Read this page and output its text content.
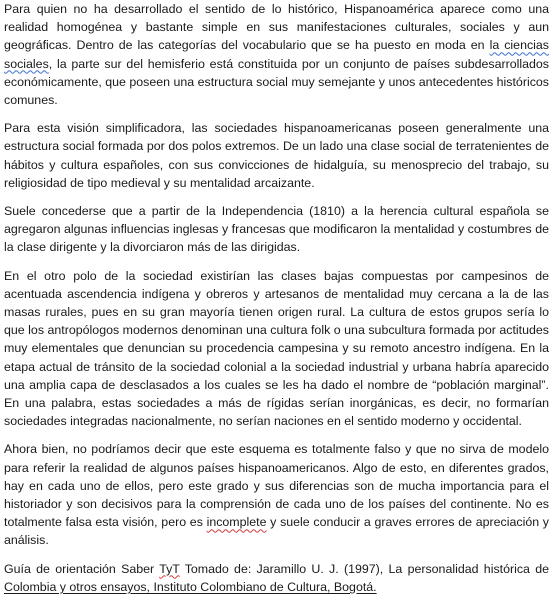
Para quien no ha desarrollado el sentido de lo histórico, Hispanoamérica aparece como una realidad homogénea y bastante simple en sus manifestaciones culturales, sociales y aun geográficas. Dentro de las categorías del vocabulario que se ha puesto en moda en la ciencias sociales, la parte sur del hemisferio está constituida por un conjunto de países subdesarrollados económicamente, que poseen una estructura social muy semejante y unos antecedentes históricos comunes.

Para esta visión simplificadora, las sociedades hispanoamericanas poseen generalmente una estructura social formada por dos polos extremos. De un lado una clase social de terratenientes de hábitos y cultura españoles, con sus convicciones de hidalguía, su menosprecio del trabajo, su religiosidad de tipo medieval y su mentalidad arcaizante.

Suele concederse que a partir de la Independencia (1810) a la herencia cultural española se agregaron algunas influencias inglesas y francesas que modificaron la mentalidad y costumbres de la clase dirigente y la divorciaron más de las dirigidas.

En el otro polo de la sociedad existirían las clases bajas compuestas por campesinos de acentuada ascendencia indígena y obreros y artesanos de mentalidad muy cercana a la de las masas rurales, pues en su gran mayoría tienen origen rural. La cultura de estos grupos sería lo que los antropólogos modernos denominan una cultura folk o una subcultura formada por actitudes muy elementales que denuncian su procedencia campesina y su remoto ancestro indígena. En la etapa actual de tránsito de la sociedad colonial a la sociedad industrial y urbana habría aparecido una amplia capa de desclasados a los cuales se les ha dado el nombre de “población marginal”. En una palabra, estas sociedades a más de rígidas serían inorgánicas, es decir, no formarían sociedades integradas nacionalmente, no serían naciones en el sentido moderno y occidental.

Ahora bien, no podríamos decir que este esquema es totalmente falso y que no sirva de modelo para referir la realidad de algunos países hispanoamericanos. Algo de esto, en diferentes grados, hay en cada uno de ellos, pero este grado y sus diferencias son de mucha importancia para el historiador y son decisivos para la comprensión de cada uno de los países del continente. No es totalmente falsa esta visión, pero es incomplete y suele conducir a graves errores de apreciación y análisis.

Guía de orientación Saber TyT Tomado de: Jaramillo U. J. (1997), La personalidad histórica de Colombia y otros ensayos, Instituto Colombiano de Cultura, Bogotá.
